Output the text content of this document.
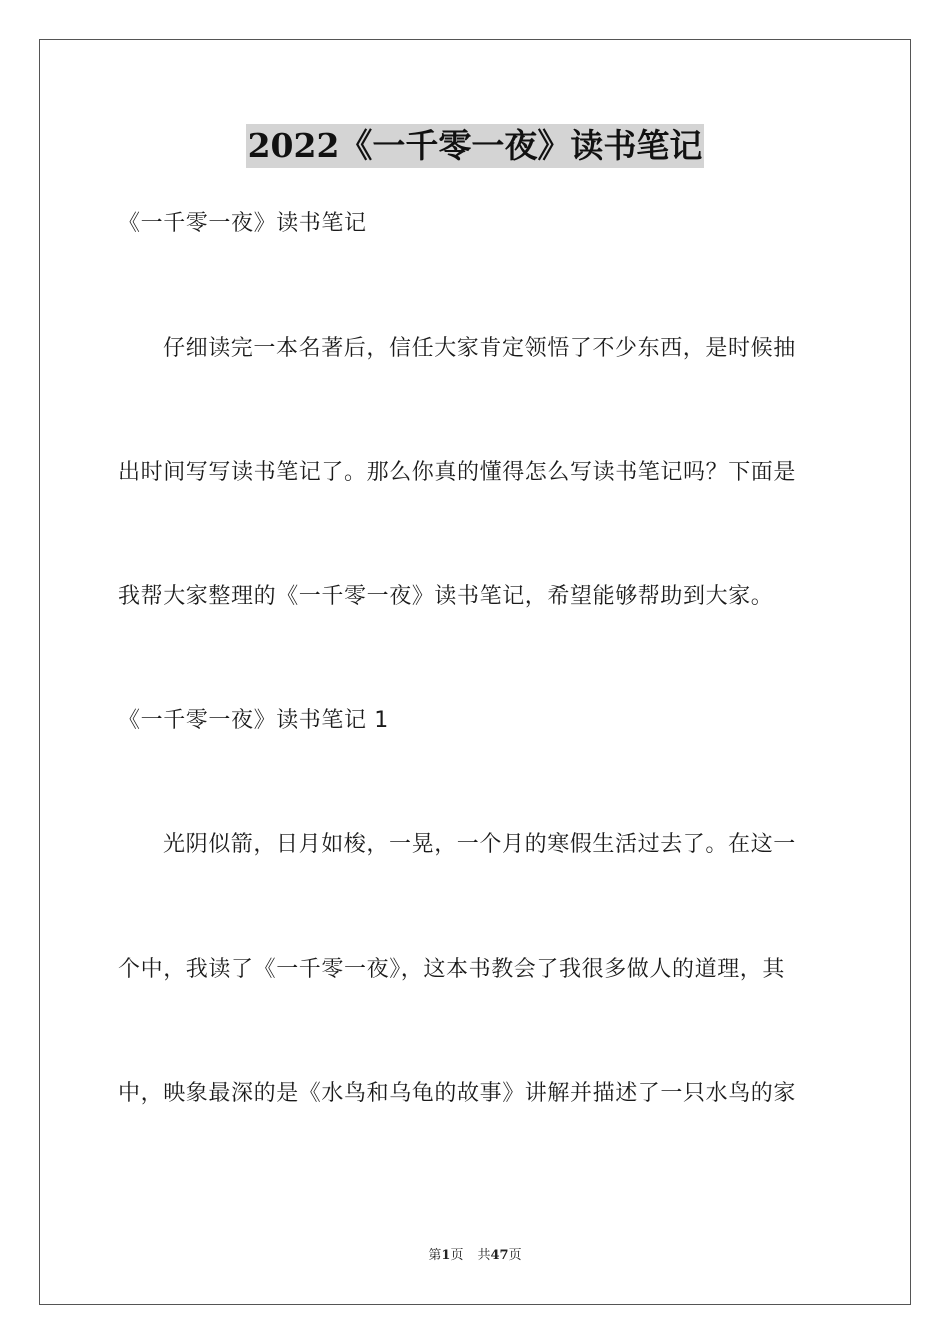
2022《一千零一夜》读书笔记
《一千零一夜》读书笔记
仔细读完一本名著后，信任大家肯定领悟了不少东西，是时候抽
出时间写写读书笔记了。那么你真的懂得怎么写读书笔记吗？下面是
我帮大家整理的《一千零一夜》读书笔记，希望能够帮助到大家。
《一千零一夜》读书笔记 1
光阴似箭，日月如梭，一晃，一个月的寒假生活过去了。在这一
个中，我读了《一千零一夜》，这本书教会了我很多做人的道理，其
中，映象最深的是《水鸟和乌龟的故事》讲解并描述了一只水鸟的家
第1页 共47页
